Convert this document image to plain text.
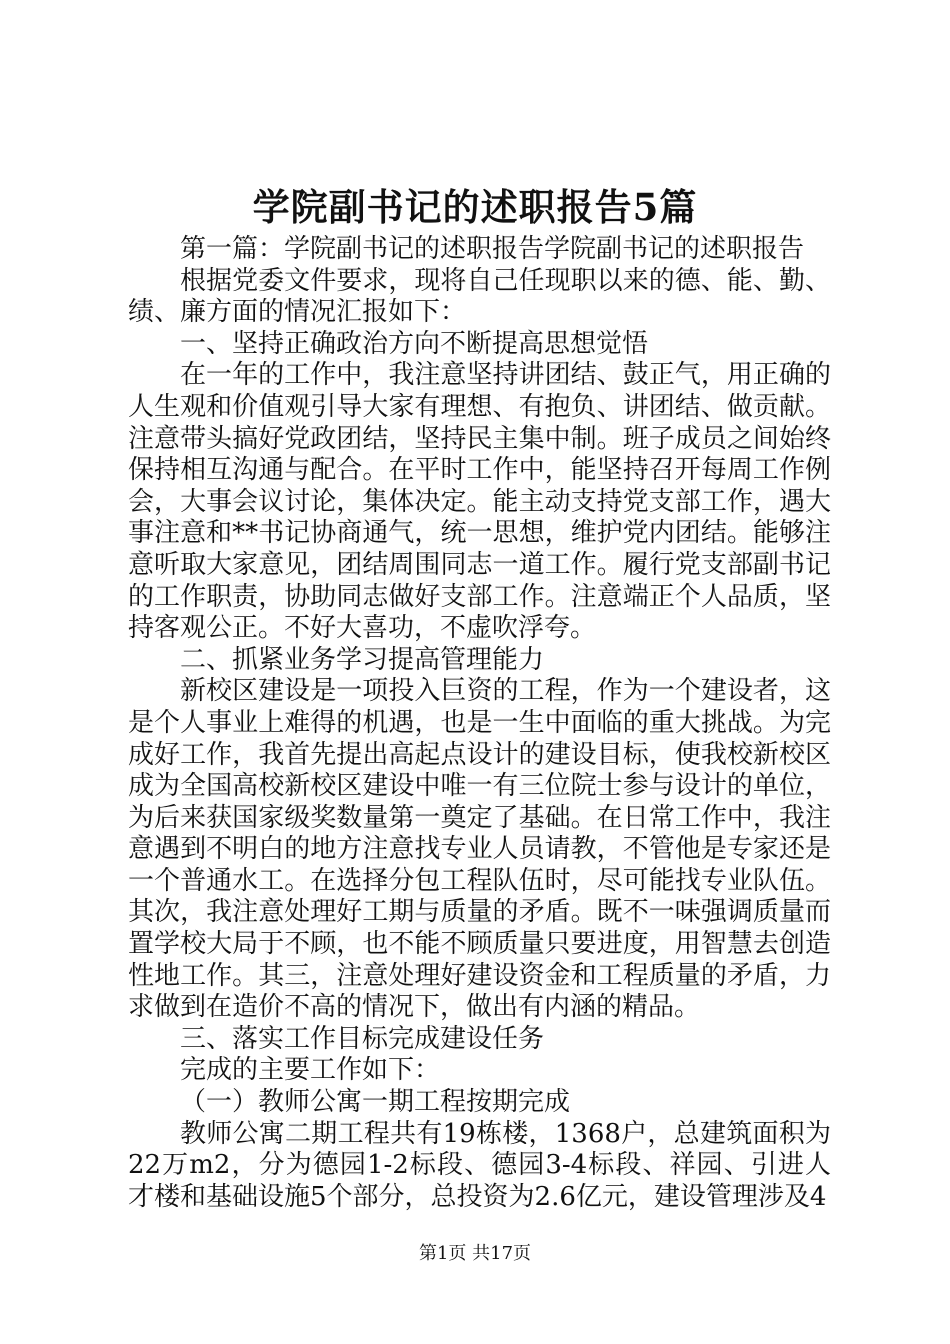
学院副书记的述职报告5篇

第一篇：学院副书记的述职报告学院副书记的述职报告

根据党委文件要求，现将自己任现职以来的德、能、勤、绩、廉方面的情况汇报如下：

一、坚持正确政治方向不断提高思想觉悟

在一年的工作中，我注意坚持讲团结、鼓正气，用正确的人生观和价值观引导大家有理想、有抱负、讲团结、做贡献。注意带头搞好党政团结，坚持民主集中制。班子成员之间始终保持相互沟通与配合。在平时工作中，能坚持召开每周工作例会，大事会议讨论，集体决定。能主动支持党支部工作，遇大事注意和**书记协商通气，统一思想，维护党内团结。能够注意听取大家意见，团结周围同志一道工作。履行党支部副书记的工作职责，协助同志做好支部工作。注意端正个人品质，坚持客观公正。不好大喜功，不虚吹浮夸。

二、抓紧业务学习提高管理能力

新校区建设是一项投入巨资的工程，作为一个建设者，这是个人事业上难得的机遇，也是一生中面临的重大挑战。为完成好工作，我首先提出高起点设计的建设目标，使我校新校区成为全国高校新校区建设中唯一有三位院士参与设计的单位，为后来获国家级奖数量第一奠定了基础。在日常工作中，我注意遇到不明白的地方注意找专业人员请教，不管他是专家还是一个普通水工。在选择分包工程队伍时，尽可能找专业队伍。其次，我注意处理好工期与质量的矛盾。既不一味强调质量而置学校大局于不顾，也不能不顾质量只要进度，用智慧去创造性地工作。其三，注意处理好建设资金和工程质量的矛盾，力求做到在造价不高的情况下，做出有内涵的精品。

三、落实工作目标完成建设任务

完成的主要工作如下：

（一）教师公寓一期工程按期完成

教师公寓二期工程共有19栋楼，1368户，总建筑面积为22万m2，分为德园1-2标段、德园3-4标段、祥园、引进人才楼和基础设施5个部分，总投资为2.6亿元，建设管理涉及4

第1页 共17页
